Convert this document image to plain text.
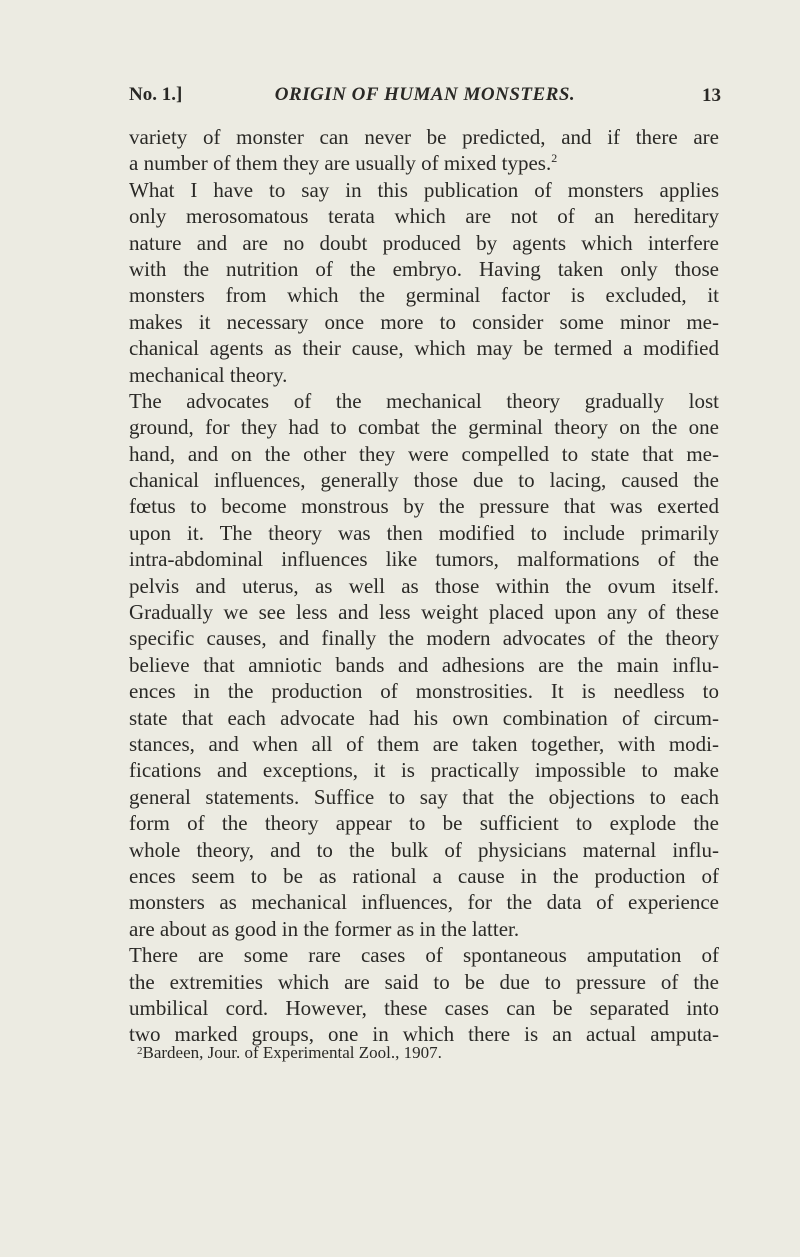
No. 1.]	ORIGIN OF HUMAN MONSTERS.	13
variety of monster can never be predicted, and if there are
a number of them they are usually of mixed types.$^2$
What I have to say in this publication of monsters applies
only merosomatous terata which are not of an hereditary
nature and are no doubt produced by agents which interfere
with the nutrition of the embryo. Having taken only those
monsters from which the germinal factor is excluded, it
makes it necessary once more to consider some minor me-
chanical agents as their cause, which may be termed a modified
mechanical theory.
The advocates of the mechanical theory gradually lost
ground, for they had to combat the germinal theory on the one
hand, and on the other they were compelled to state that me-
chanical influences, generally those due to lacing, caused the
fœtus to become monstrous by the pressure that was exerted
upon it. The theory was then modified to include primarily
intra-abdominal influences like tumors, malformations of the
pelvis and uterus, as well as those within the ovum itself.
Gradually we see less and less weight placed upon any of these
specific causes, and finally the modern advocates of the theory
believe that amniotic bands and adhesions are the main influ-
ences in the production of monstrosities. It is needless to
state that each advocate had his own combination of circum-
stances, and when all of them are taken together, with modi-
fications and exceptions, it is practically impossible to make
general statements. Suffice to say that the objections to each
form of the theory appear to be sufficient to explode the
whole theory, and to the bulk of physicians maternal influ-
ences seem to be as rational a cause in the production of
monsters as mechanical influences, for the data of experience
are about as good in the former as in the latter.
There are some rare cases of spontaneous amputation of
the extremities which are said to be due to pressure of the
umbilical cord. However, these cases can be separated into
two marked groups, one in which there is an actual amputa-
$^2$Bardeen, Jour. of Experimental Zool., 1907.
